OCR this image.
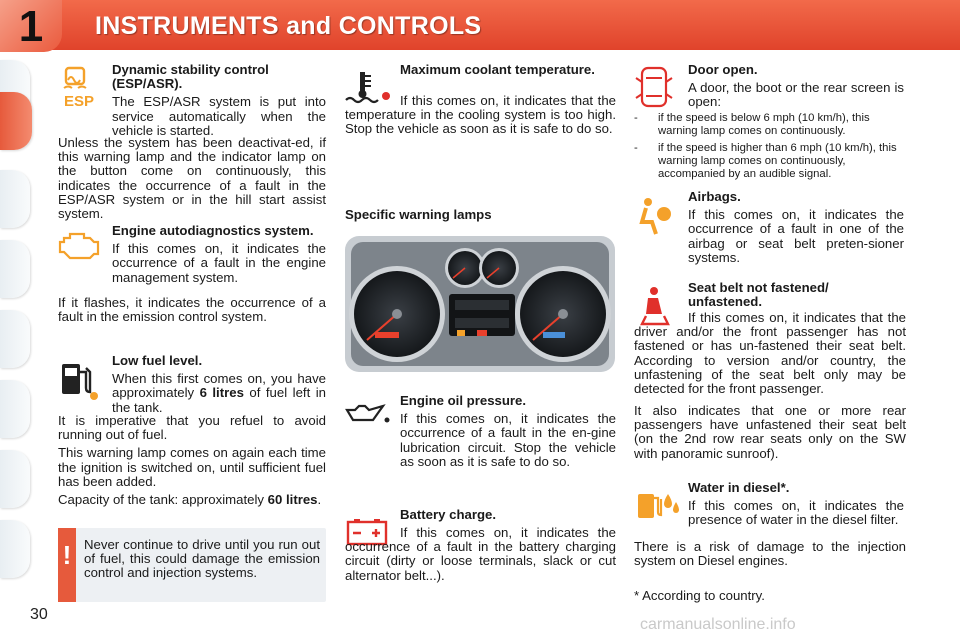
1	INSTRUMENTS and CONTROLS
ESP

Dynamic stability control (ESP/ASR).

The ESP/ASR system is put into service automatically when the vehicle is started.

Unless the system has been deactivat-ed, if this warning lamp and the indicator lamp on the button come on continuously, this indicates the occurrence of a fault in the ESP/ASR system or in the hill start assist system.

Engine autodiagnostics system.

If this comes on, it indicates the occurrence of a fault in the engine management system.

If it flashes, it indicates the occurrence of a fault in the emission control system.

Low fuel level.

When this first comes on, you have approximately 6 litres of fuel left in the tank.

It is imperative that you refuel to avoid running out of fuel.

This warning lamp comes on again each time the ignition is switched on, until sufficient fuel has been added.

Capacity of the tank: approximately 60 litres.

! Never continue to drive until you run out of fuel, this could damage the emission control and injection systems.

Maximum coolant temperature.

If this comes on, it indicates that the temperature in the cooling system is too high. Stop the vehicle as soon as it is safe to do so.
Specific warning lamps

Engine oil pressure.

If this comes on, it indicates the occurrence of a fault in the en-gine lubrication circuit. Stop the vehicle as soon as it is safe to do so.

Battery charge.

If this comes on, it indicates the occurrence of a fault in the battery charging circuit (dirty or loose terminals, slack or cut alternator belt...).

Door open.

A door, the boot or the rear screen is open:

-	if the speed is below 6 mph (10 km/h), this warning lamp comes on continuously.
-	if the speed is higher than 6 mph (10 km/h), this warning lamp comes on continuously, accompanied by an audible signal.

Airbags.

If this comes on, it indicates the occurrence of a fault in one of the airbag or seat belt preten-sioner systems.

Seat belt not fastened/ unfastened.

If this comes on, it indicates that the driver and/or the front passenger has not fastened or has un-fastened their seat belt. According to version and/or country, the unfastening of the seat belt only may be detected for the front passenger.
It also indicates that one or more rear passengers have unfastened their seat belt (on the 2nd row rear seats only on the SW with panoramic sunroof).

Water in diesel*.

If this comes on, it indicates the presence of water in the diesel filter.

There is a risk of damage to the injection system on Diesel engines.
* According to country.
30
carmanualsonline.info
